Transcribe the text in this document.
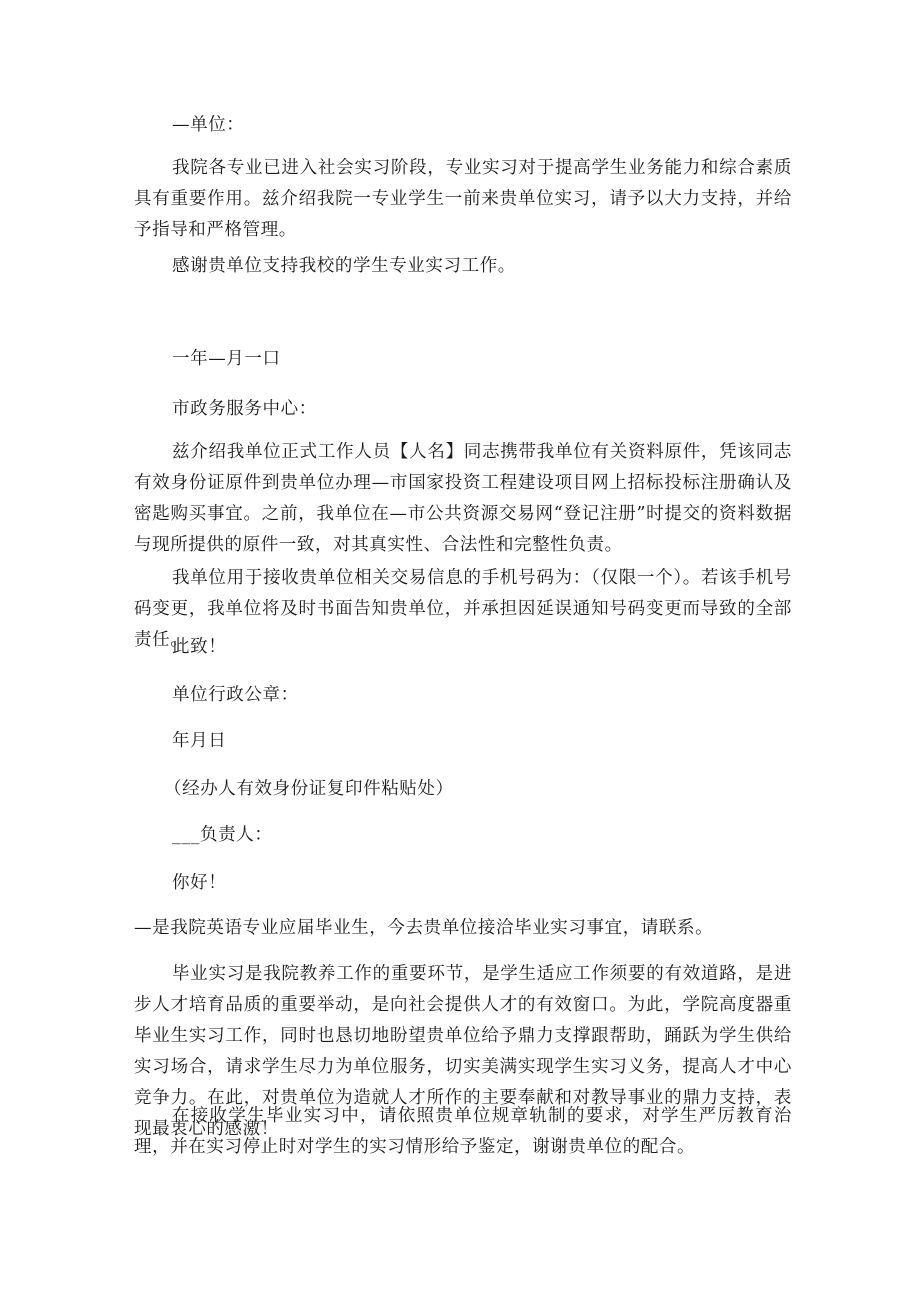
—单位：

我院各专业已进入社会实习阶段，专业实习对于提高学生业务能力和综合素质具有重要作用。兹介绍我院一专业学生一前来贵单位实习，请予以大力支持，并给予指导和严格管理。

感谢贵单位支持我校的学生专业实习工作。

一年—月一口

市政务服务中心：

兹介绍我单位正式工作人员【人名】同志携带我单位有关资料原件，凭该同志有效身份证原件到贵单位办理—市国家投资工程建设项目网上招标投标注册确认及密匙购买事宜。之前，我单位在—市公共资源交易网“登记注册”时提交的资料数据与现所提供的原件一致，对其真实性、合法性和完整性负责。

我单位用于接收贵单位相关交易信息的手机号码为：（仅限一个）。若该手机号码变更，我单位将及时书面告知贵单位，并承担因延误通知号码变更而导致的全部责任。

此致！

单位行政公章：

年月日

（经办人有效身份证复印件粘贴处）

___负责人：

你好！

—是我院英语专业应届毕业生，今去贵单位接洽毕业实习事宜，请联系。

毕业实习是我院教养工作的重要环节，是学生适应工作须要的有效道路，是进步人才培育品质的重要举动，是向社会提供人才的有效窗口。为此，学院高度器重毕业生实习工作，同时也恳切地盼望贵单位给予鼎力支撑跟帮助，踊跃为学生供给实习场合，请求学生尽力为单位服务，切实美满实现学生实习义务，提高人才中心竞争力。在此，对贵单位为造就人才所作的主要奉献和对教导事业的鼎力支持，表现最衷心的感激！

在接收学生毕业实习中，请依照贵单位规章轨制的要求，对学生严厉教育治理，并在实习停止时对学生的实习情形给予鉴定，谢谢贵单位的配合。
